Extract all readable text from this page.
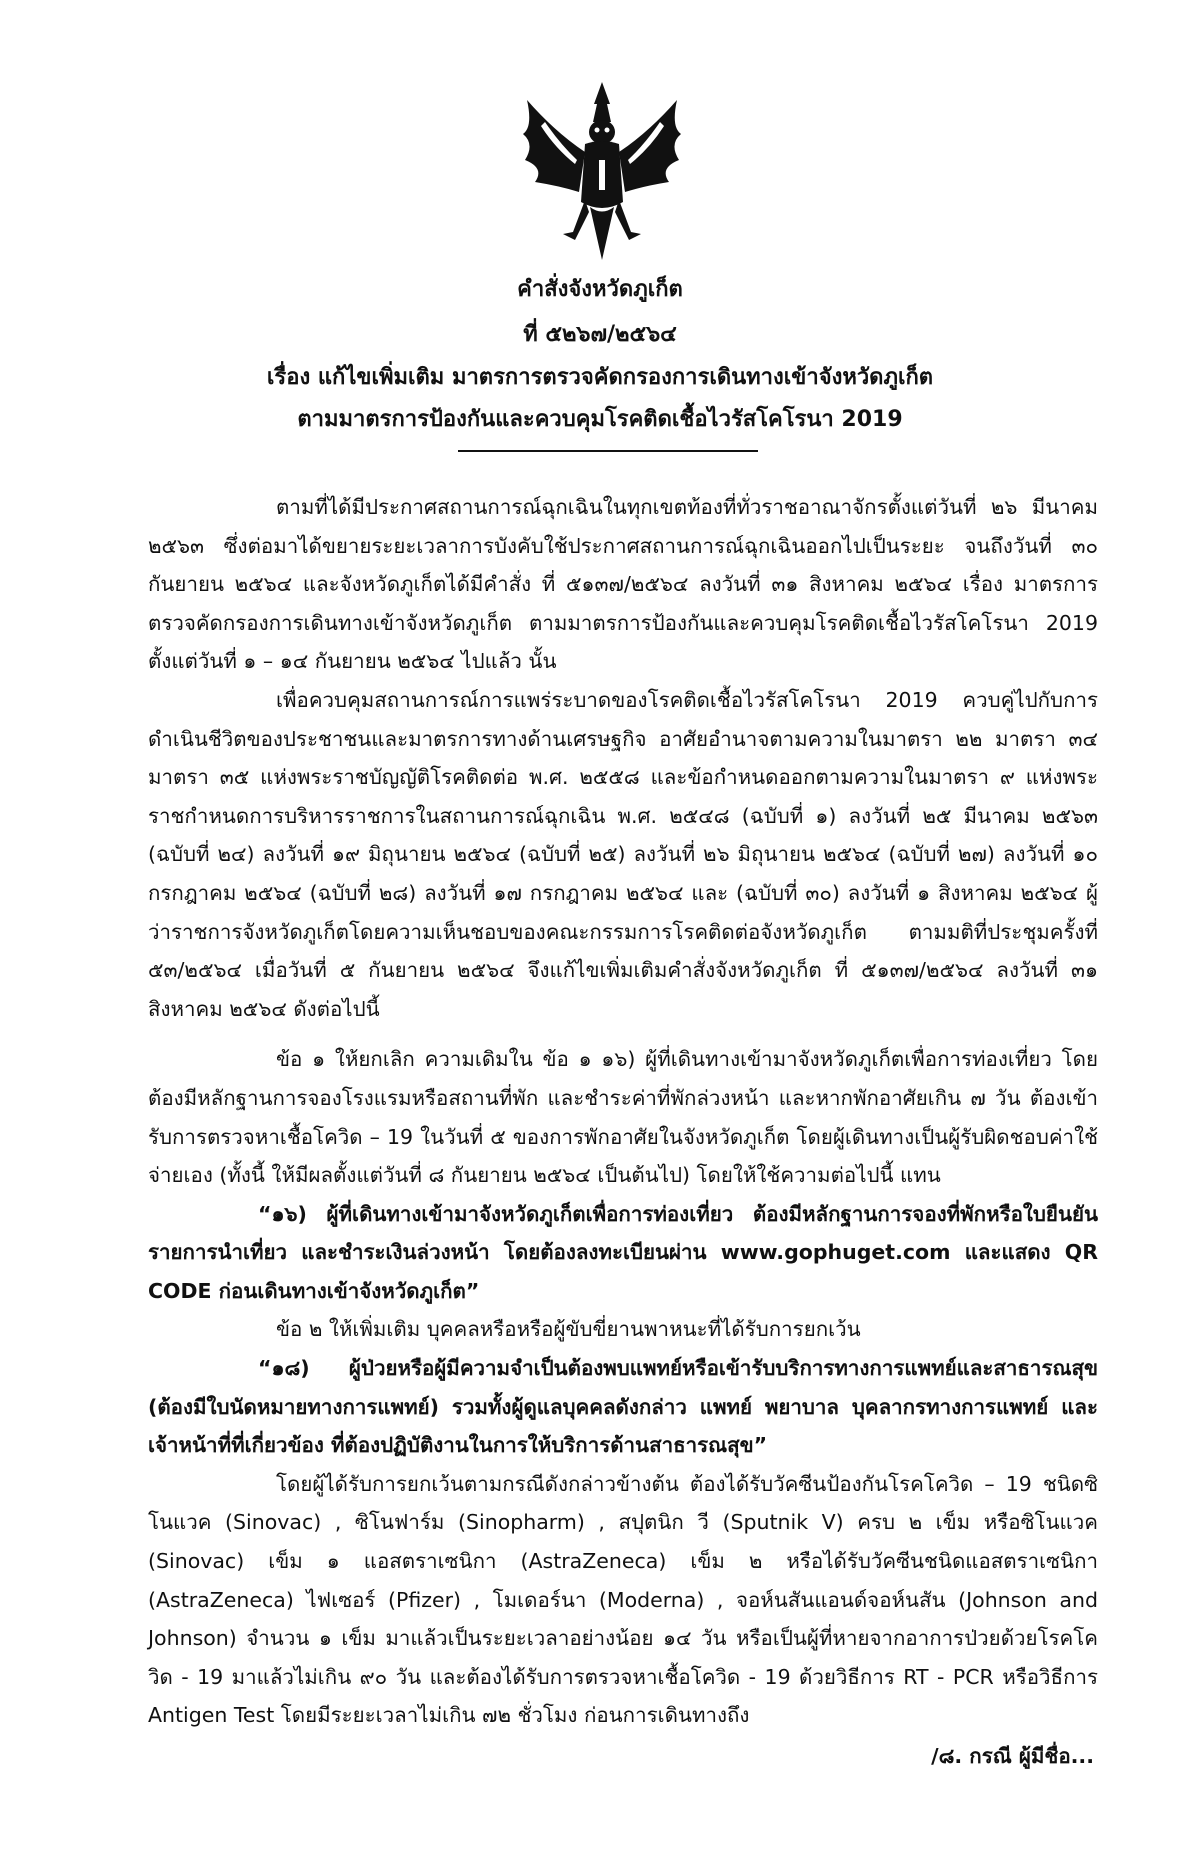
คำสั่งจังหวัดภูเก็ต
ที่ ๕๒๖๗/๒๕๖๔
เรื่อง แก้ไขเพิ่มเติม มาตรการตรวจคัดกรองการเดินทางเข้าจังหวัดภูเก็ต
ตามมาตรการป้องกันและควบคุมโรคติดเชื้อไวรัสโคโรนา 2019

ตามที่ได้มีประกาศสถานการณ์ฉุกเฉินในทุกเขตท้องที่ทั่วราชอาณาจักรตั้งแต่วันที่ ๒๖ มีนาคม ๒๕๖๓ ซึ่งต่อมาได้ขยายระยะเวลาการบังคับใช้ประกาศสถานการณ์ฉุกเฉินออกไปเป็นระยะ จนถึงวันที่ ๓๐ กันยายน ๒๕๖๔ และจังหวัดภูเก็ตได้มีคำสั่ง ที่ ๕๑๓๗/๒๕๖๔ ลงวันที่ ๓๑ สิงหาคม ๒๕๖๔ เรื่อง มาตรการตรวจคัดกรองการเดินทางเข้าจังหวัดภูเก็ต ตามมาตรการป้องกันและควบคุมโรคติดเชื้อไวรัสโคโรนา 2019 ตั้งแต่วันที่ ๑ – ๑๔ กันยายน ๒๕๖๔ ไปแล้ว นั้น

เพื่อควบคุมสถานการณ์การแพร่ระบาดของโรคติดเชื้อไวรัสโคโรนา 2019 ควบคู่ไปกับการดำเนินชีวิตของประชาชนและมาตรการทางด้านเศรษฐกิจ อาศัยอำนาจตามความในมาตรา ๒๒ มาตรา ๓๔ มาตรา ๓๕ แห่งพระราชบัญญัติโรคติดต่อ พ.ศ. ๒๕๕๘ และข้อกำหนดออกตามความในมาตรา ๙ แห่งพระราชกำหนดการบริหารราชการในสถานการณ์ฉุกเฉิน พ.ศ. ๒๕๔๘ (ฉบับที่ ๑) ลงวันที่ ๒๕ มีนาคม ๒๕๖๓ (ฉบับที่ ๒๔) ลงวันที่ ๑๙ มิถุนายน ๒๕๖๔ (ฉบับที่ ๒๕) ลงวันที่ ๒๖ มิถุนายน ๒๕๖๔ (ฉบับที่ ๒๗) ลงวันที่ ๑๐ กรกฎาคม ๒๕๖๔ (ฉบับที่ ๒๘) ลงวันที่ ๑๗ กรกฎาคม ๒๕๖๔ และ (ฉบับที่ ๓๐) ลงวันที่ ๑ สิงหาคม ๒๕๖๔ ผู้ว่าราชการจังหวัดภูเก็ตโดยความเห็นชอบของคณะกรรมการโรคติดต่อจังหวัดภูเก็ต ตามมติที่ประชุมครั้งที่ ๕๓/๒๕๖๔ เมื่อวันที่ ๕ กันยายน ๒๕๖๔ จึงแก้ไขเพิ่มเติมคำสั่งจังหวัดภูเก็ต ที่ ๕๑๓๗/๒๕๖๔ ลงวันที่ ๓๑ สิงหาคม ๒๕๖๔ ดังต่อไปนี้

ข้อ ๑ ให้ยกเลิก ความเดิมใน ข้อ ๑ ๑๖) ผู้ที่เดินทางเข้ามาจังหวัดภูเก็ตเพื่อการท่องเที่ยว โดยต้องมีหลักฐานการจองโรงแรมหรือสถานที่พัก และชำระค่าที่พักล่วงหน้า และหากพักอาศัยเกิน ๗ วัน ต้องเข้ารับการตรวจหาเชื้อโควิด – 19 ในวันที่ ๕ ของการพักอาศัยในจังหวัดภูเก็ต โดยผู้เดินทางเป็นผู้รับผิดชอบค่าใช้จ่ายเอง (ทั้งนี้ ให้มีผลตั้งแต่วันที่ ๘ กันยายน ๒๕๖๔ เป็นต้นไป) โดยให้ใช้ความต่อไปนี้ แทน

“๑๖) ผู้ที่เดินทางเข้ามาจังหวัดภูเก็ตเพื่อการท่องเที่ยว ต้องมีหลักฐานการจองที่พักหรือใบยืนยันรายการนำเที่ยว และชำระเงินล่วงหน้า โดยต้องลงทะเบียนผ่าน www.gophuget.com และแสดง QR CODE ก่อนเดินทางเข้าจังหวัดภูเก็ต”

ข้อ ๒ ให้เพิ่มเติม บุคคลหรือหรือผู้ขับขี่ยานพาหนะที่ได้รับการยกเว้น

“๑๘) ผู้ป่วยหรือผู้มีความจำเป็นต้องพบแพทย์หรือเข้ารับบริการทางการแพทย์และสาธารณสุข (ต้องมีใบนัดหมายทางการแพทย์) รวมทั้งผู้ดูแลบุคคลดังกล่าว แพทย์ พยาบาล บุคลากรทางการแพทย์ และเจ้าหน้าที่ที่เกี่ยวข้อง ที่ต้องปฏิบัติงานในการให้บริการด้านสาธารณสุข”

โดยผู้ได้รับการยกเว้นตามกรณีดังกล่าวข้างต้น ต้องได้รับวัคซีนป้องกันโรคโควิด – 19 ชนิดซิโนแวค (Sinovac) , ซิโนฟาร์ม (Sinopharm) , สปุตนิก วี (Sputnik V) ครบ ๒ เข็ม หรือซิโนแวค (Sinovac) เข็ม ๑ แอสตราเซนิกา (AstraZeneca) เข็ม ๒ หรือได้รับวัคซีนชนิดแอสตราเซนิกา (AstraZeneca) ไฟเซอร์ (Pfizer) , โมเดอร์นา (Moderna) , จอห์นสันแอนด์จอห์นสัน (Johnson and Johnson) จำนวน ๑ เข็ม มาแล้วเป็นระยะเวลาอย่างน้อย ๑๔ วัน หรือเป็นผู้ที่หายจากอาการป่วยด้วยโรคโควิด - 19 มาแล้วไม่เกิน ๙๐ วัน และต้องได้รับการตรวจหาเชื้อโควิด - 19 ด้วยวิธีการ RT - PCR หรือวิธีการ Antigen Test โดยมีระยะเวลาไม่เกิน ๗๒ ชั่วโมง ก่อนการเดินทางถึง

/๘. กรณี ผู้มีชื่อ...
